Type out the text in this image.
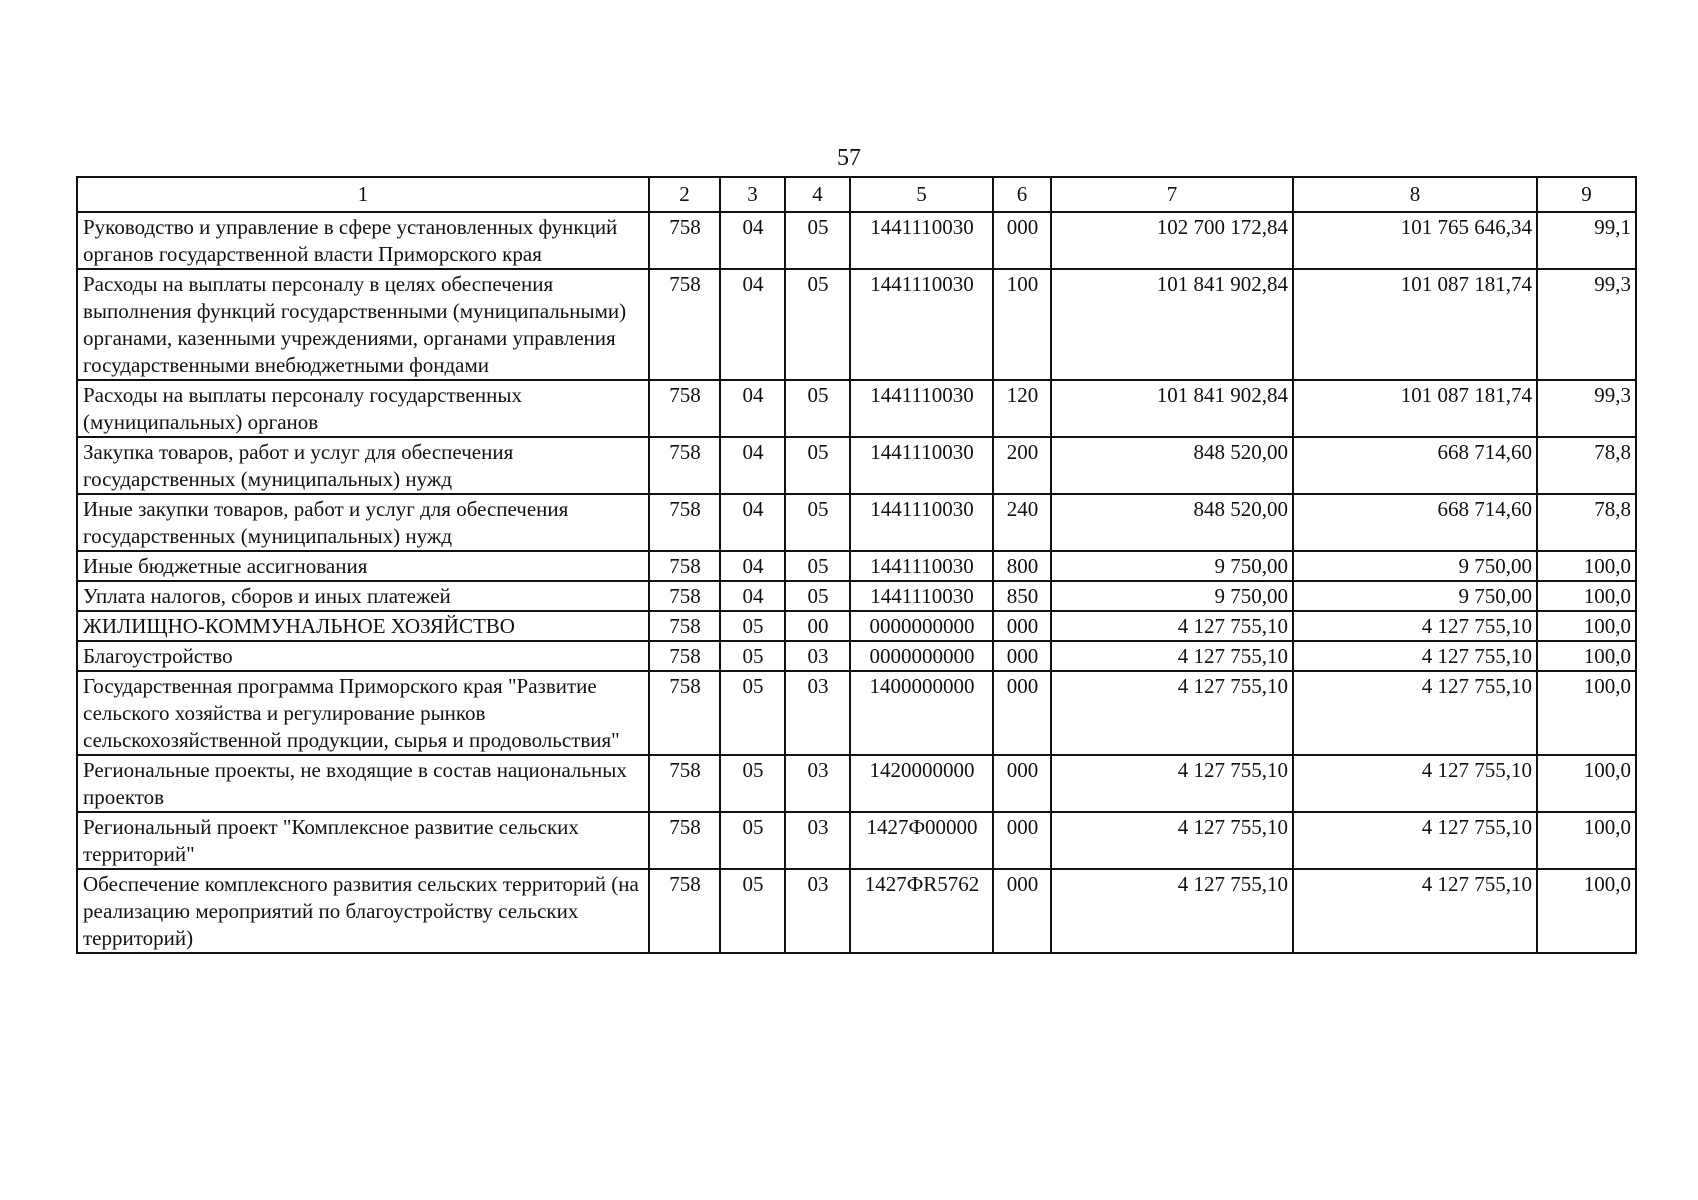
57
1	2	3	4	5	6	7	8	9
Руководство и управление в сфере установленных функций органов государственной власти Приморского края	758	04	05	1441110030	000	102 700 172,84	101 765 646,34	99,1
Расходы на выплаты персоналу в целях обеспечения выполнения функций государственными (муниципальными) органами, казенными учреждениями, органами управления государственными внебюджетными фондами	758	04	05	1441110030	100	101 841 902,84	101 087 181,74	99,3
Расходы на выплаты персоналу государственных (муниципальных) органов	758	04	05	1441110030	120	101 841 902,84	101 087 181,74	99,3
Закупка товаров, работ и услуг для обеспечения государственных (муниципальных) нужд	758	04	05	1441110030	200	848 520,00	668 714,60	78,8
Иные закупки товаров, работ и услуг для обеспечения государственных (муниципальных) нужд	758	04	05	1441110030	240	848 520,00	668 714,60	78,8
Иные бюджетные ассигнования	758	04	05	1441110030	800	9 750,00	9 750,00	100,0
Уплата налогов, сборов и иных платежей	758	04	05	1441110030	850	9 750,00	9 750,00	100,0
ЖИЛИЩНО-КОММУНАЛЬНОЕ ХОЗЯЙСТВО	758	05	00	0000000000	000	4 127 755,10	4 127 755,10	100,0
Благоустройство	758	05	03	0000000000	000	4 127 755,10	4 127 755,10	100,0
Государственная программа Приморского края "Развитие сельского хозяйства и регулирование рынков сельскохозяйственной продукции, сырья и продовольствия"	758	05	03	1400000000	000	4 127 755,10	4 127 755,10	100,0
Региональные проекты, не входящие в состав национальных проектов	758	05	03	1420000000	000	4 127 755,10	4 127 755,10	100,0
Региональный проект "Комплексное развитие сельских территорий"	758	05	03	1427Ф00000	000	4 127 755,10	4 127 755,10	100,0
Обеспечение комплексного развития сельских территорий (на реализацию мероприятий по благоустройству сельских территорий)	758	05	03	1427ФR5762	000	4 127 755,10	4 127 755,10	100,0
